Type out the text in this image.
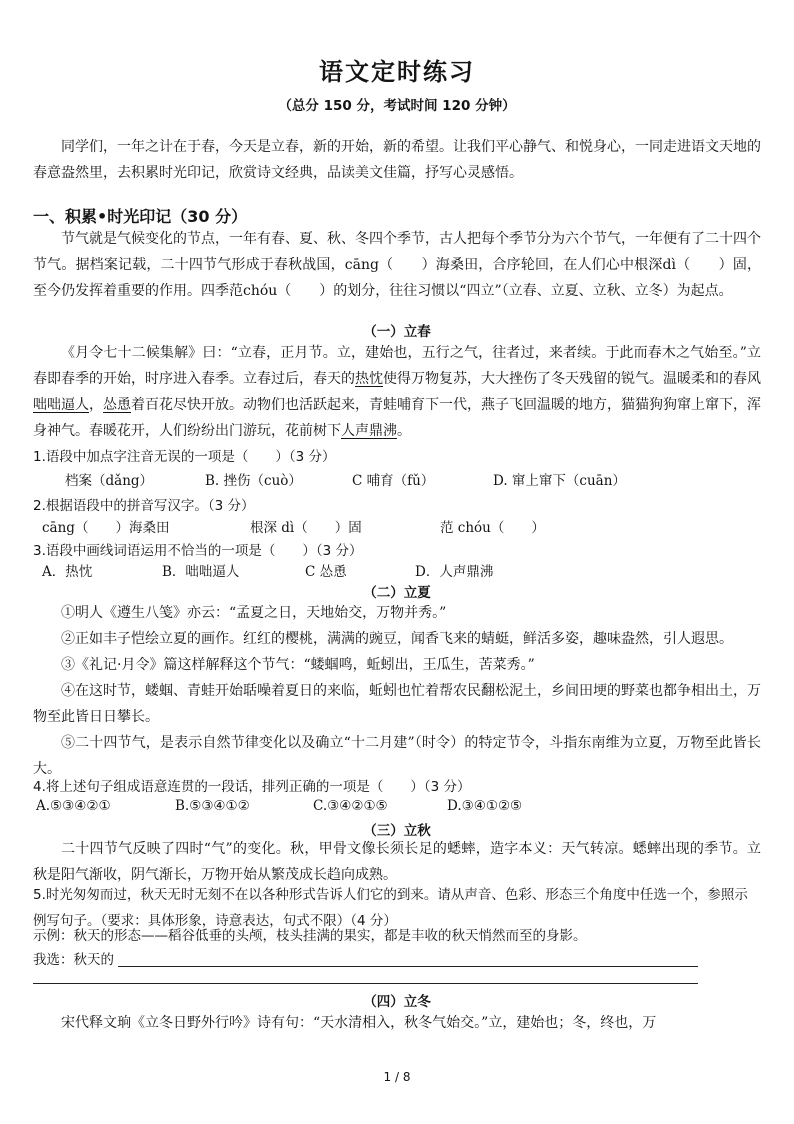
语文定时练习
（总分 150 分，考试时间 120 分钟）

同学们，一年之计在于春，今天是立春，新的开始，新的希望。让我们平心静气、和悦身心，一同走进语文天地的春意盎然里，去积累时光印记，欣赏诗文经典，品读美文佳篇，抒写心灵感悟。

一、积累•时光印记（30 分）

节气就是气候变化的节点，一年有春、夏、秋、冬四个季节，古人把每个季节分为六个节气，一年便有了二十四个节气。据档案记载，二十四节气形成于春秋战国，cāng（　　）海桑田，合序轮回，在人们心中根深dì（　　）固，至今仍发挥着重要的作用。四季范chóu（　　）的划分，往往习惯以“四立”（立春、立夏、立秋、立冬）为起点。

（一）立春

《月令七十二候集解》曰：“立春，正月节。立，建始也，五行之气，往者过，来者续。于此而春木之气始至。”立春即春季的开始，时序进入春季。立春过后，春天的热忱使得万物复苏，大大挫伤了冬天残留的锐气。温暖柔和的春风咄咄逼人，怂恿着百花尽快开放。动物们也活跃起来，青蛙哺育下一代，燕子飞回温暖的地方，猫猫狗狗窜上窜下，浑身神气。春暖花开，人们纷纷出门游玩，花前树下人声鼎沸。

1.语段中加点字注音无误的一项是（　　）（3 分）
档案（dǎng）	B. 挫伤（cuò）	C 哺育（fǔ）	D. 窜上窜下（cuān）
2.根据语段中的拼音写汉字。（3 分）
cāng（　　）海桑田	根深 dì（　　）固	范 chóu（　　）
3.语段中画线词语运用不恰当的一项是（　　）（3 分）
A．热忱	B．咄咄逼人	C 怂恿	D．人声鼎沸
（二）立夏

①明人《遵生八笺》亦云：“孟夏之日，天地始交，万物并秀。”

②正如丰子恺绘立夏的画作。红红的樱桃，满满的豌豆，闻香飞来的蜻蜓，鲜活多姿，趣味盎然，引人遐思。

③《礼记·月令》篇这样解释这个节气：“蝼蝈鸣，蚯蚓出，王瓜生，苦菜秀。”

④在这时节，蝼蝈、青蛙开始聒噪着夏日的来临，蚯蚓也忙着帮农民翻松泥土，乡间田埂的野菜也都争相出土，万物至此皆日日攀长。

⑤二十四节气，是表示自然节律变化以及确立“十二月建”（时令）的特定节令，斗指东南维为立夏，万物至此皆长大。

4.将上述句子组成语意连贯的一段话，排列正确的一项是（　　）（3 分）
A.⑤③④②①	B.⑤③④①②	C.③④②①⑤	D.③④①②⑤
（三）立秋

二十四节气反映了四时“气”的变化。秋，甲骨文像长须长足的蟋蟀，造字本义：天气转凉。蟋蟀出现的季节。立秋是阳气渐收，阴气渐长，万物开始从繁茂成长趋向成熟。

5.时光匆匆而过，秋天无时无刻不在以各种形式告诉人们它的到来。请从声音、色彩、形态三个角度中任选一个，参照示例写句子。（要求：具体形象，诗意表达，句式不限）（4 分）

示例：秋天的形态——稻谷低垂的头颅，枝头挂满的果实，都是丰收的秋天悄然而至的身影。
我选：秋天的
（四）立冬

宋代释文珦《立冬日野外行吟》诗有句：“天水清相入，秋冬气始交。”立，建始也；冬，终也，万

1 / 8
